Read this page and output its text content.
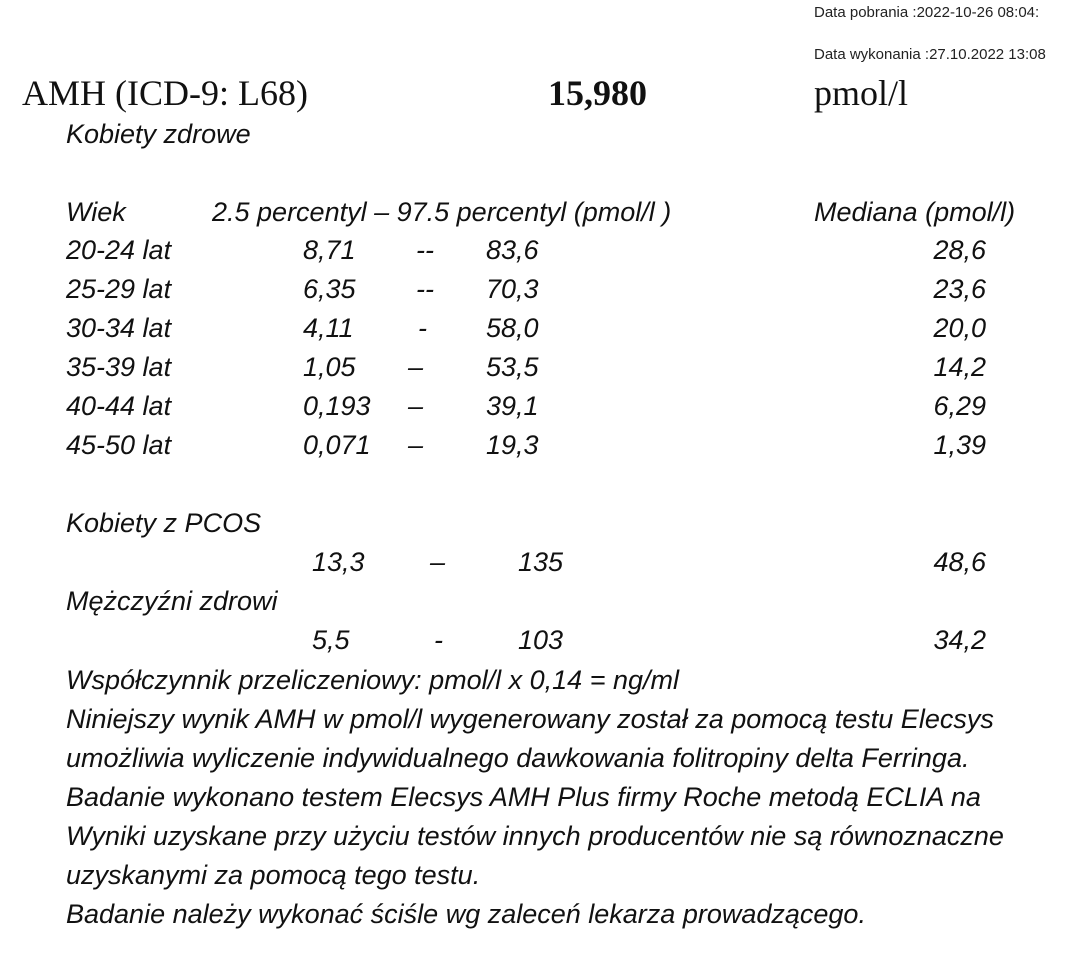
Data pobrania :2022-10-26 08:04:
Data wykonania :27.10.2022 13:08
AMH (ICD-9: L68)	15,980	pmol/l
Kobiety zdrowe
Wiek	2.5 percentyl – 97.5 percentyl (pmol/l )	Mediana (pmol/l)
20-24 lat	8,71 -- 83,6	28,6
25-29 lat	6,35 -- 70,3	23,6
30-34 lat	4,11 - 58,0	20,0
35-39 lat	1,05 – 53,5	14,2
40-44 lat	0,193 – 39,1	6,29
45-50 lat	0,071 – 19,3	1,39
Kobiety z PCOS
13,3 –	135	48,6
Mężczyźni zdrowi
5,5	-	103	34,2
Współczynnik przeliczeniowy: pmol/l x 0,14 = ng/ml
Niniejszy wynik AMH w pmol/l wygenerowany został za pomocą testu Elecsys
umożliwia wyliczenie indywidualnego dawkowania folitropiny delta Ferringa.
Badanie wykonano testem Elecsys AMH Plus firmy Roche metodą ECLIA na
Wyniki uzyskane przy użyciu testów innych producentów nie są równoznaczne
uzyskanymi za pomocą tego testu.
Badanie należy wykonać ściśle wg zaleceń lekarza prowadzącego.
